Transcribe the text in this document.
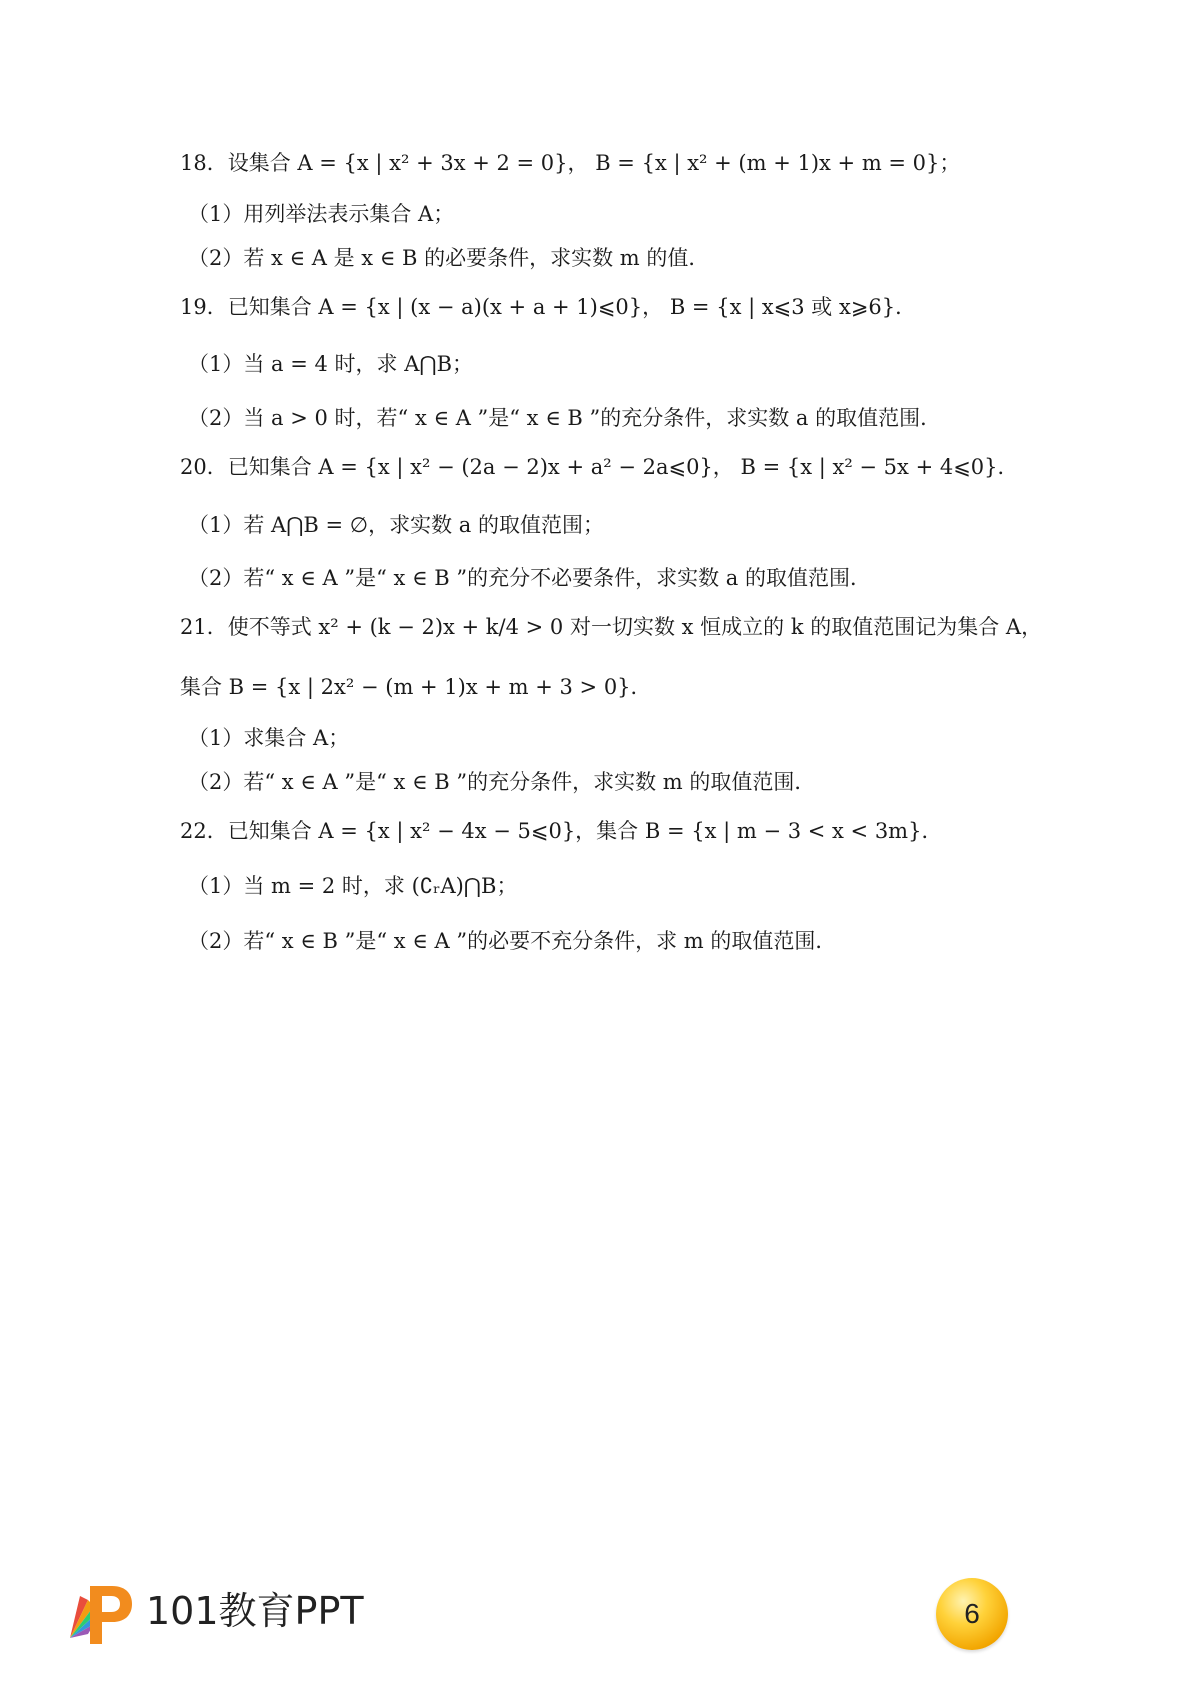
18．设集合 A = {x | x² + 3x + 2 = 0}， B = {x | x² + (m + 1)x + m = 0}；
（1）用列举法表示集合 A；
（2）若 x ∈ A 是 x ∈ B 的必要条件，求实数 m 的值．
19．已知集合 A = {x | (x − a)(x + a + 1)⩽0}， B = {x | x⩽3 或 x⩾6}．
（1）当 a = 4 时，求 A⋂B；
（2）当 a > 0 时，若“ x ∈ A ”是“ x ∈ B ”的充分条件，求实数 a 的取值范围．
20．已知集合 A = {x | x² − (2a − 2)x + a² − 2a⩽0}， B = {x | x² − 5x + 4⩽0}．
（1）若 A⋂B = ∅，求实数 a 的取值范围；
（2）若“ x ∈ A ”是“ x ∈ B ”的充分不必要条件，求实数 a 的取值范围．
21．使不等式 x² + (k − 2)x + k/4 > 0 对一切实数 x 恒成立的 k 的取值范围记为集合 A，
集合 B = {x | 2x² − (m + 1)x + m + 3 > 0}．
（1）求集合 A；
（2）若“ x ∈ A ”是“ x ∈ B ”的充分条件，求实数 m 的取值范围．
22．已知集合 A = {x | x² − 4x − 5⩽0}，集合 B = {x | m − 3 < x < 3m}．
（1）当 m = 2 时，求 (∁ᵣA)⋂B；
（2）若“ x ∈ B ”是“ x ∈ A ”的必要不充分条件，求 m 的取值范围．
101教育PPT	6
